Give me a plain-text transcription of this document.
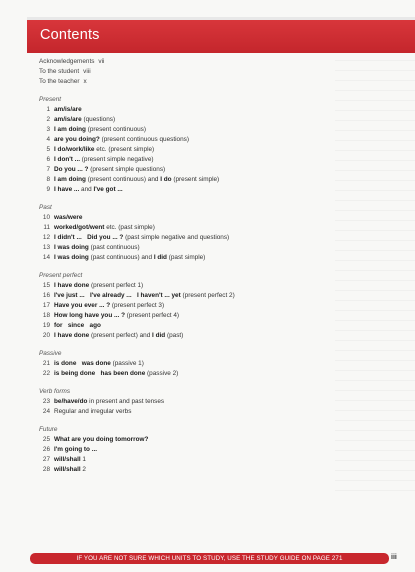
Contents
Acknowledgements vii
To the student viii
To the teacher x
Present
1 am/is/are
2 am/is/are (questions)
3 I am doing (present continuous)
4 are you doing? (present continuous questions)
5 I do/work/like etc. (present simple)
6 I don't ... (present simple negative)
7 Do you ... ? (present simple questions)
8 I am doing (present continuous) and I do (present simple)
9 I have ... and I've got ...
Past
10 was/were
11 worked/got/went etc. (past simple)
12 I didn't ...   Did you ... ? (past simple negative and questions)
13 I was doing (past continuous)
14 I was doing (past continuous) and I did (past simple)
Present perfect
15 I have done (present perfect 1)
16 I've just ...   I've already ...   I haven't ... yet (present perfect 2)
17 Have you ever ... ? (present perfect 3)
18 How long have you ... ? (present perfect 4)
19 for   since   ago
20 I have done (present perfect) and I did (past)
Passive
21 is done   was done (passive 1)
22 is being done   has been done (passive 2)
Verb forms
23 be/have/do in present and past tenses
24 Regular and irregular verbs
Future
25 What are you doing tomorrow?
26 I'm going to ...
27 will/shall 1
28 will/shall 2
IF YOU ARE NOT SURE WHICH UNITS TO STUDY, USE THE STUDY GUIDE ON PAGE 271	iii
